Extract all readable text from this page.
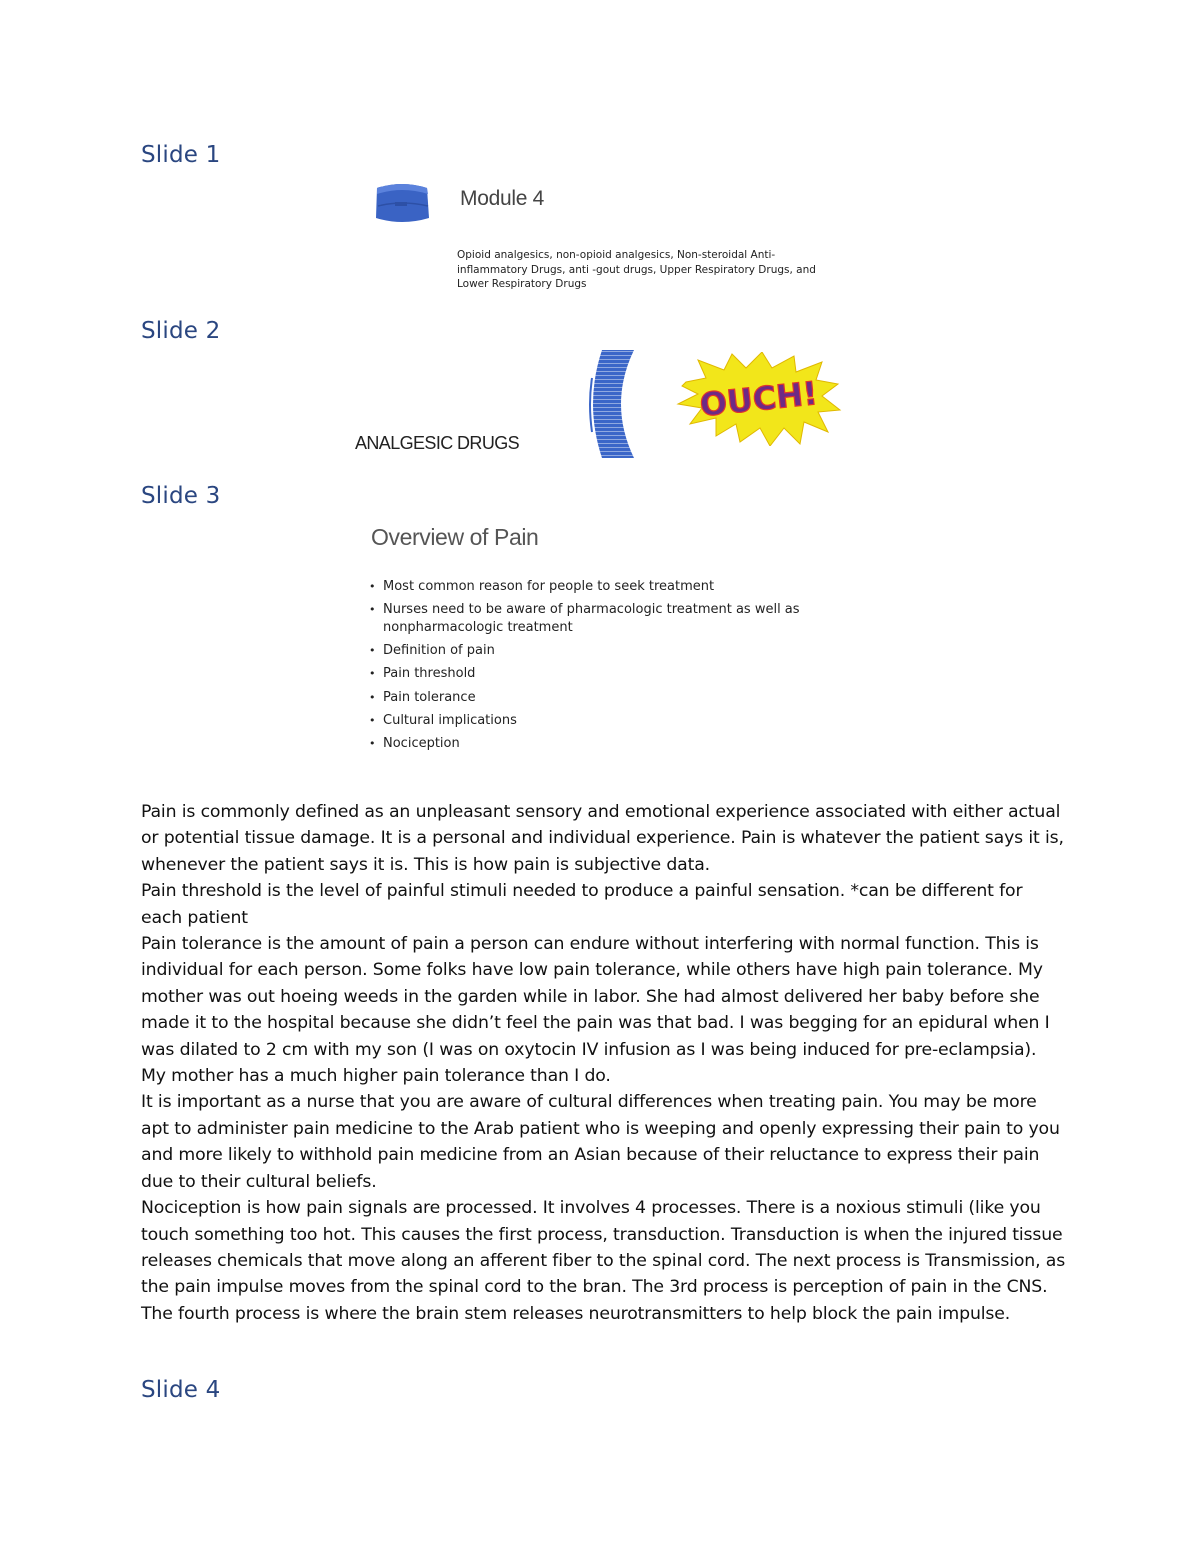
Slide 1
Module 4
Opioid analgesics, non-opioid analgesics, Non-steroidal Anti-inflammatory Drugs, anti -gout drugs, Upper Respiratory Drugs, and Lower Respiratory Drugs
Slide 2
OUCH!
ANALGESIC DRUGS
Slide 3
Overview of Pain
• Most common reason for people to seek treatment
• Nurses need to be aware of pharmacologic treatment as well as nonpharmacologic treatment
• Definition of pain
• Pain threshold
• Pain tolerance
• Cultural implications
• Nociception

Pain is commonly defined as an unpleasant sensory and emotional experience associated with either actual or potential tissue damage. It is a personal and individual experience. Pain is whatever the patient says it is, whenever the patient says it is. This is how pain is subjective data.

Pain threshold is the level of painful stimuli needed to produce a painful sensation. *can be different for each patient

Pain tolerance is the amount of pain a person can endure without interfering with normal function. This is individual for each person. Some folks have low pain tolerance, while others have high pain tolerance. My mother was out hoeing weeds in the garden while in labor. She had almost delivered her baby before she made it to the hospital because she didn’t feel the pain was that bad. I was begging for an epidural when I was dilated to 2 cm with my son (I was on oxytocin IV infusion as I was being induced for pre-eclampsia). My mother has a much higher pain tolerance than I do.

It is important as a nurse that you are aware of cultural differences when treating pain. You may be more apt to administer pain medicine to the Arab patient who is weeping and openly expressing their pain to you and more likely to withhold pain medicine from an Asian because of their reluctance to express their pain due to their cultural beliefs.

Nociception is how pain signals are processed. It involves 4 processes. There is a noxious stimuli (like you touch something too hot. This causes the first process, transduction. Transduction is when the injured tissue releases chemicals that move along an afferent fiber to the spinal cord. The next process is Transmission, as the pain impulse moves from the spinal cord to the bran. The 3rd process is perception of pain in the CNS. The fourth process is where the brain stem releases neurotransmitters to help block the pain impulse.

Slide 4
